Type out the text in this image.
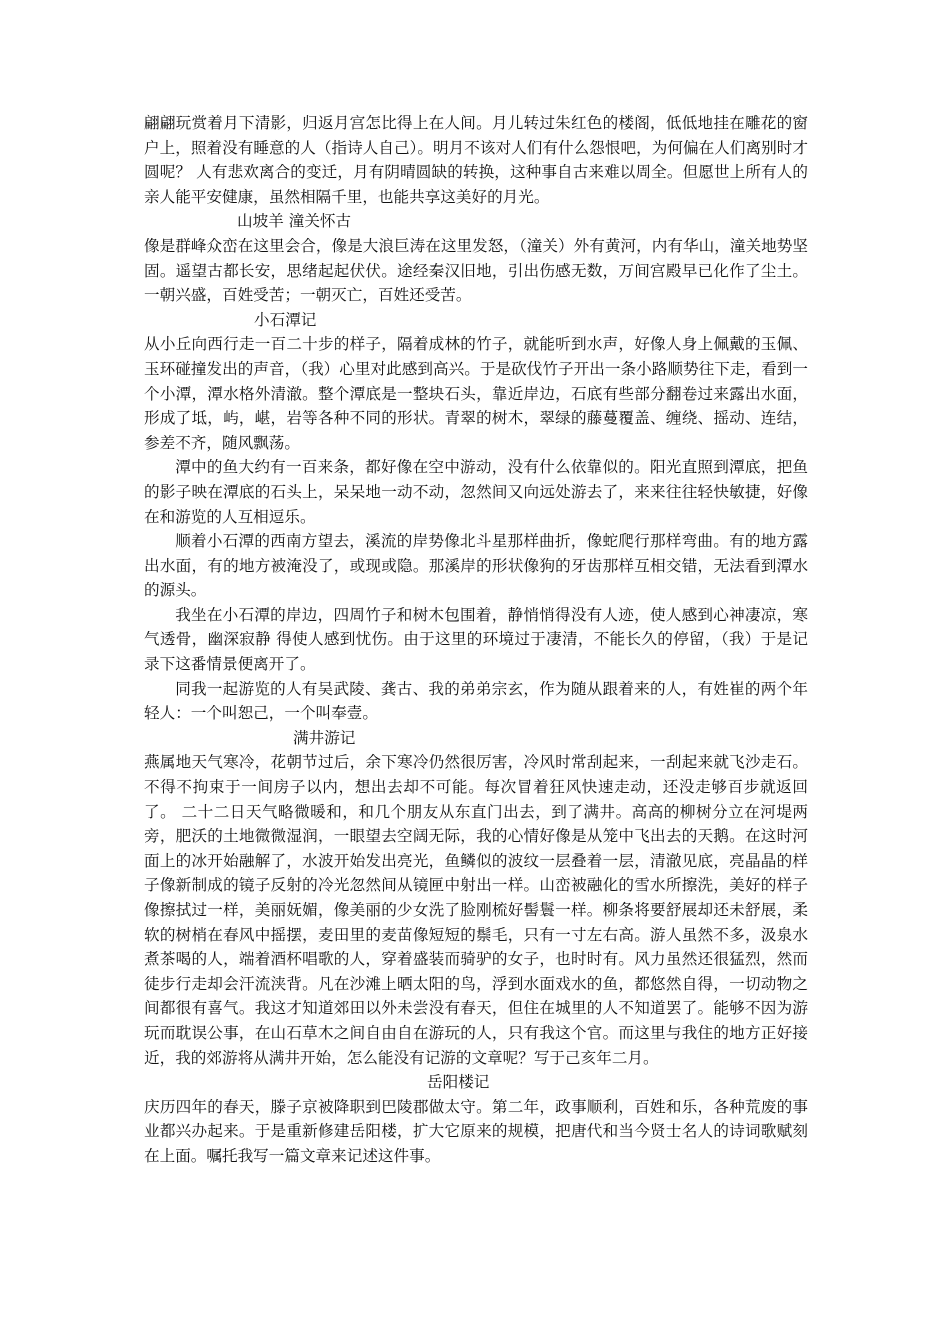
翩翩玩赏着月下清影，归返月宫怎比得上在人间。月儿转过朱红色的楼阁，低低地挂在雕花的窗户上，照着没有睡意的人（指诗人自己）。明月不该对人们有什么怨恨吧，为何偏在人们离别时才圆呢？ 人有悲欢离合的变迁，月有阴晴圆缺的转换，这种事自古来难以周全。但愿世上所有人的亲人能平安健康，虽然相隔千里，也能共享这美好的月光。

山坡羊 潼关怀古

像是群峰众峦在这里会合，像是大浪巨涛在这里发怒，（潼关）外有黄河，内有华山，潼关地势坚固。遥望古都长安，思绪起起伏伏。途经秦汉旧地，引出伤感无数，万间宫殿早已化作了尘土。 一朝兴盛，百姓受苦；一朝灭亡，百姓还受苦。

小石潭记

从小丘向西行走一百二十步的样子，隔着成林的竹子，就能听到水声，好像人身上佩戴的玉佩、玉环碰撞发出的声音，（我）心里对此感到高兴。于是砍伐竹子开出一条小路顺势往下走，看到一个小潭，潭水格外清澈。整个潭底是一整块石头，靠近岸边，石底有些部分翻卷过来露出水面，形成了坻，屿，嵁，岩等各种不同的形状。青翠的树木，翠绿的藤蔓覆盖、缠绕、摇动、连结，参差不齐，随风飘荡。

潭中的鱼大约有一百来条，都好像在空中游动，没有什么依靠似的。阳光直照到潭底，把鱼的影子映在潭底的石头上，呆呆地一动不动，忽然间又向远处游去了，来来往往轻快敏捷，好像在和游览的人互相逗乐。

顺着小石潭的西南方望去，溪流的岸势像北斗星那样曲折，像蛇爬行那样弯曲。有的地方露出水面，有的地方被淹没了，或现或隐。那溪岸的形状像狗的牙齿那样互相交错，无法看到潭水的源头。

我坐在小石潭的岸边，四周竹子和树木包围着，静悄悄得没有人迹，使人感到心神凄凉，寒气透骨，幽深寂静 得使人感到忧伤。由于这里的环境过于凄清，不能长久的停留，（我）于是记录下这番情景便离开了。

同我一起游览的人有吴武陵、龚古、我的弟弟宗玄，作为随从跟着来的人，有姓崔的两个年轻人：一个叫恕己，一个叫奉壹。

满井游记

燕属地天气寒冷，花朝节过后，余下寒冷仍然很厉害，冷风时常刮起来，一刮起来就飞沙走石。不得不拘束于一间房子以内，想出去却不可能。每次冒着狂风快速走动，还没走够百步就返回了。 二十二日天气略微暖和，和几个朋友从东直门出去，到了满井。高高的柳树分立在河堤两旁，肥沃的土地微微湿润，一眼望去空阔无际，我的心情好像是从笼中飞出去的天鹅。在这时河面上的冰开始融解了，水波开始发出亮光，鱼鳞似的波纹一层叠着一层，清澈见底，亮晶晶的样子像新制成的镜子反射的冷光忽然间从镜匣中射出一样。山峦被融化的雪水所擦洗，美好的样子像擦拭过一样，美丽妩媚，像美丽的少女洗了脸刚梳好髻鬟一样。柳条将要舒展却还未舒展，柔软的树梢在春风中摇摆，麦田里的麦苗像短短的鬃毛，只有一寸左右高。游人虽然不多，汲泉水煮茶喝的人，端着酒杯唱歌的人，穿着盛装而骑驴的女子，也时时有。风力虽然还很猛烈，然而徒步行走却会汗流浃背。凡在沙滩上晒太阳的鸟，浮到水面戏水的鱼，都悠然自得，一切动物之间都很有喜气。我这才知道郊田以外未尝没有春天，但住在城里的人不知道罢了。能够不因为游玩而耽误公事，在山石草木之间自由自在游玩的人，只有我这个官。而这里与我住的地方正好接近，我的郊游将从满井开始，怎么能没有记游的文章呢？写于己亥年二月。

岳阳楼记

庆历四年的春天，滕子京被降职到巴陵郡做太守。第二年，政事顺利，百姓和乐，各种荒废的事业都兴办起来。于是重新修建岳阳楼，扩大它原来的规模，把唐代和当今贤士名人的诗词歌赋刻在上面。嘱托我写一篇文章来记述这件事。
